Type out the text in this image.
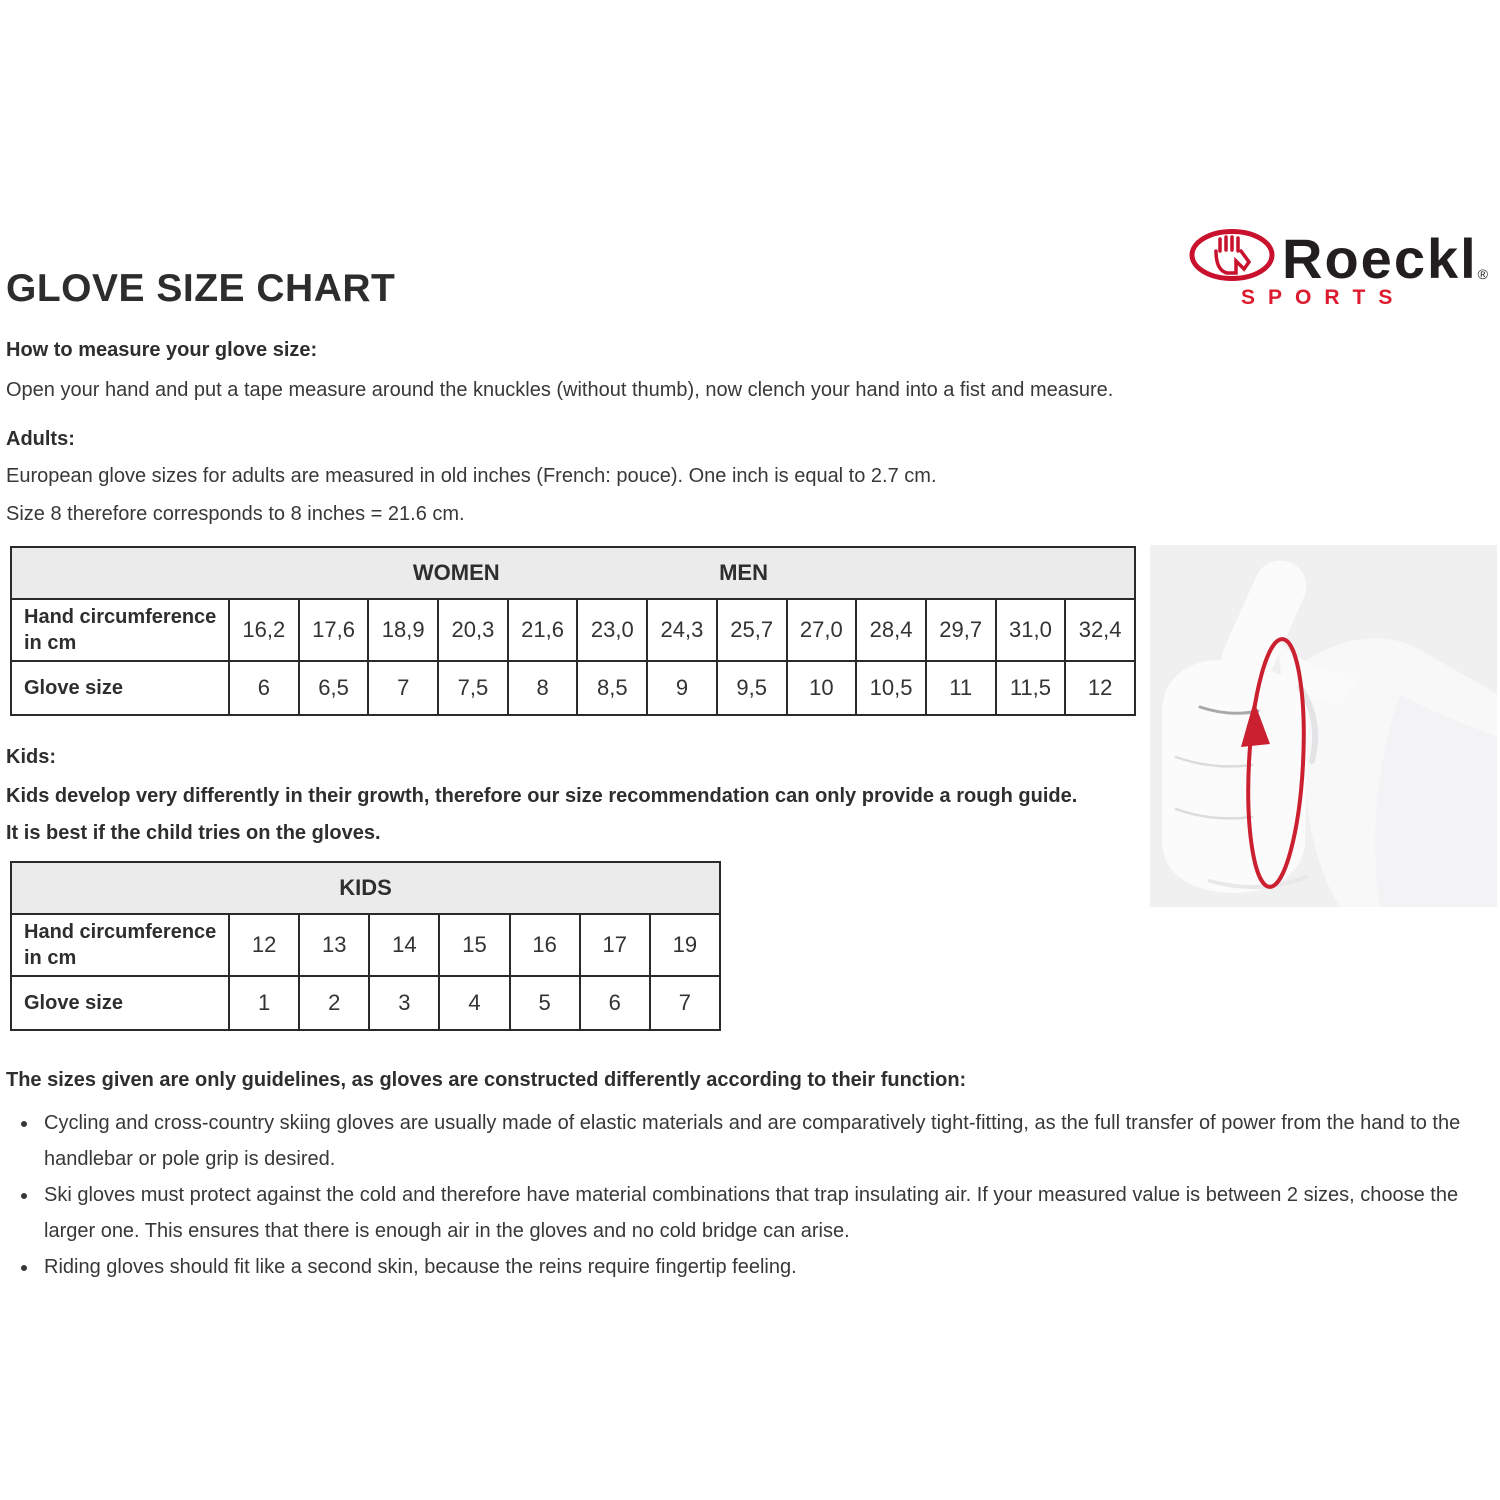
GLOVE SIZE CHART	Roeckl ®
SPORTS

How to measure your glove size:

Open your hand and put a tape measure around the knuckles (without thumb), now clench your hand into a fist and measure.

Adults:

European glove sizes for adults are measured in old inches (French: pouce). One inch is equal to 2.7 cm.

Size 8 therefore corresponds to 8 inches = 21.6 cm.

WOMEN MEN													

Hand circumference in cm	16,2	17,6	18,9	20,3	21,6	23,0	24,3	25,7	27,0	28,4	29,7	31,0	32,4
Glove size	6	6,5	7	7,5	8	8,5	9	9,5	10	10,5	11	11,5	12

Kids:

Kids develop very differently in their growth, therefore our size recommendation can only provide a rough guide. It is best if the child tries on the gloves.

KIDS							
Hand circumference in cm	12	13	14	15	16	17	19
Glove size	1	2	3	4	5	6	7

The sizes given are only guidelines, as gloves are constructed differently according to their function:

• Cycling and cross-country skiing gloves are usually made of elastic materials and are comparatively tight-fitting, as the full transfer of power from the hand to the handlebar or pole grip is desired.
• Ski gloves must protect against the cold and therefore have material combinations that trap insulating air. If your measured value is between 2 sizes, choose the larger one. This ensures that there is enough air in the gloves and no cold bridge can arise.
• Riding gloves should fit like a second skin, because the reins require fingertip feeling.
